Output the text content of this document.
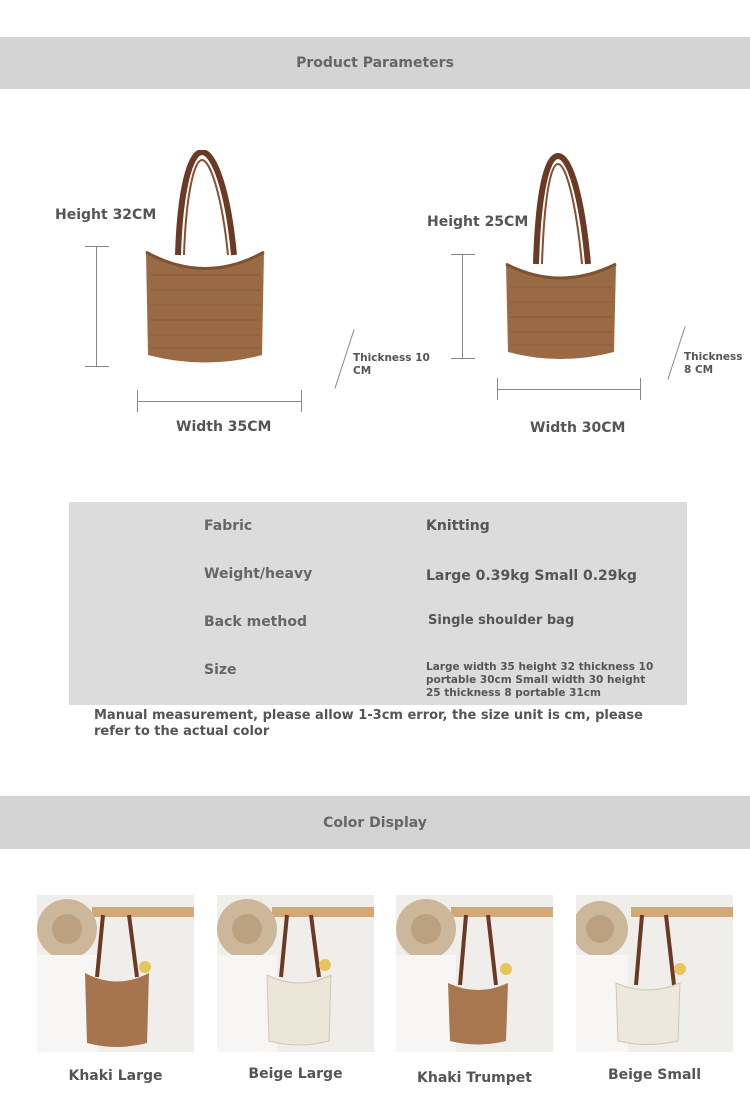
Product Parameters
Height 32CM
Thickness 10 CM
Width 35CM
Height 25CM
Thickness 8 CM
Width 30CM
Fabric	Knitting
Weight/heavy	Large 0.39kg Small 0.29kg
Back method	Single shoulder bag
Size	Large width 35 height 32 thickness 10 portable 30cm Small width 30 height 25 thickness 8 portable 31cm
Manual measurement, please allow 1-3cm error, the size unit is cm, please refer to the actual color
Color Display
Khaki Large	Beige Large	Khaki Trumpet	Beige Small
